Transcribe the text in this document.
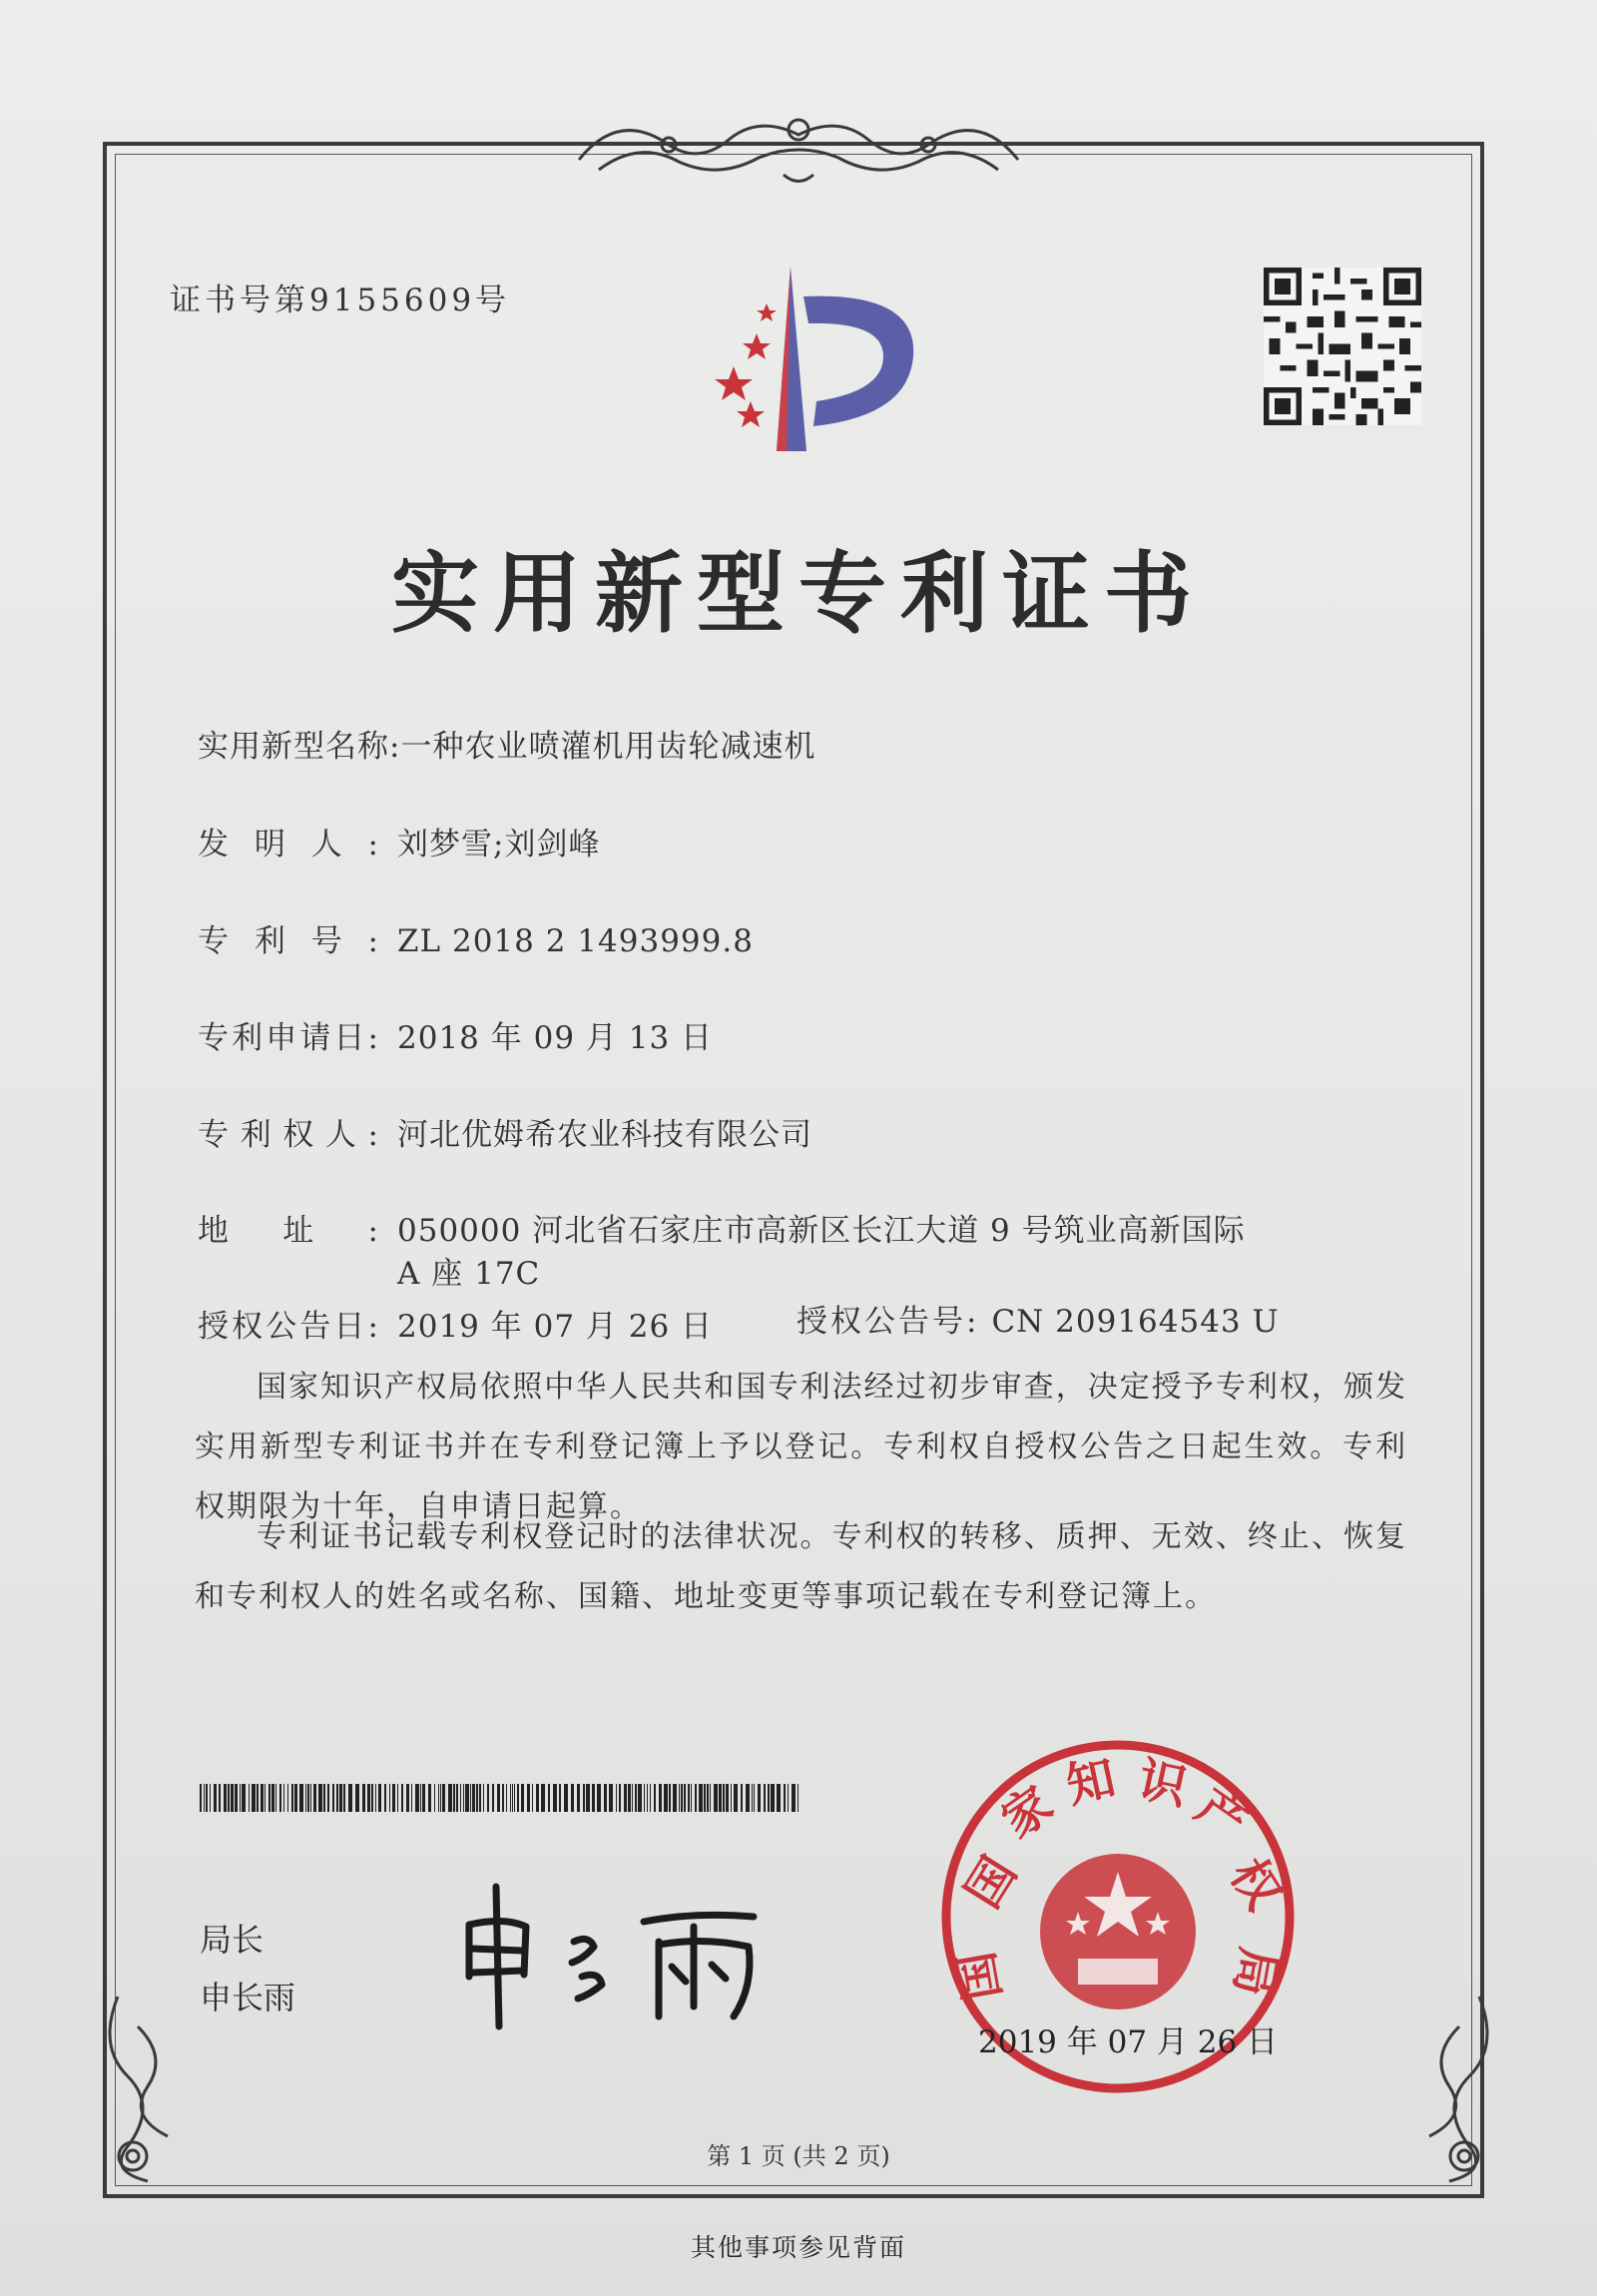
证书号第9155609号
实用新型专利证书
实用新型名称:一种农业喷灌机用齿轮减速机
发明人: 刘梦雪;刘剑峰
专利号: ZL 2018 2 1493999.8
专利申请日: 2018 年 09 月 13 日
专利权人: 河北优姆希农业科技有限公司
地址: 050000 河北省石家庄市高新区长江大道 9 号筑业高新国际
A 座 17C
授权公告日: 2019 年 07 月 26 日	授权公告号: CN 209164543 U
国家知识产权局依照中华人民共和国专利法经过初步审查，决定授予专利权，颁发实用新型专利证书并在专利登记簿上予以登记。专利权自授权公告之日起生效。专利权期限为十年，自申请日起算。
专利证书记载专利权登记时的法律状况。专利权的转移、质押、无效、终止、恢复和专利权人的姓名或名称、国籍、地址变更等事项记载在专利登记簿上。
局长
申长雨
国
家
知 识
产
权
局
国
2019 年 07 月 26 日
第 1 页 (共 2 页)
其他事项参见背面
